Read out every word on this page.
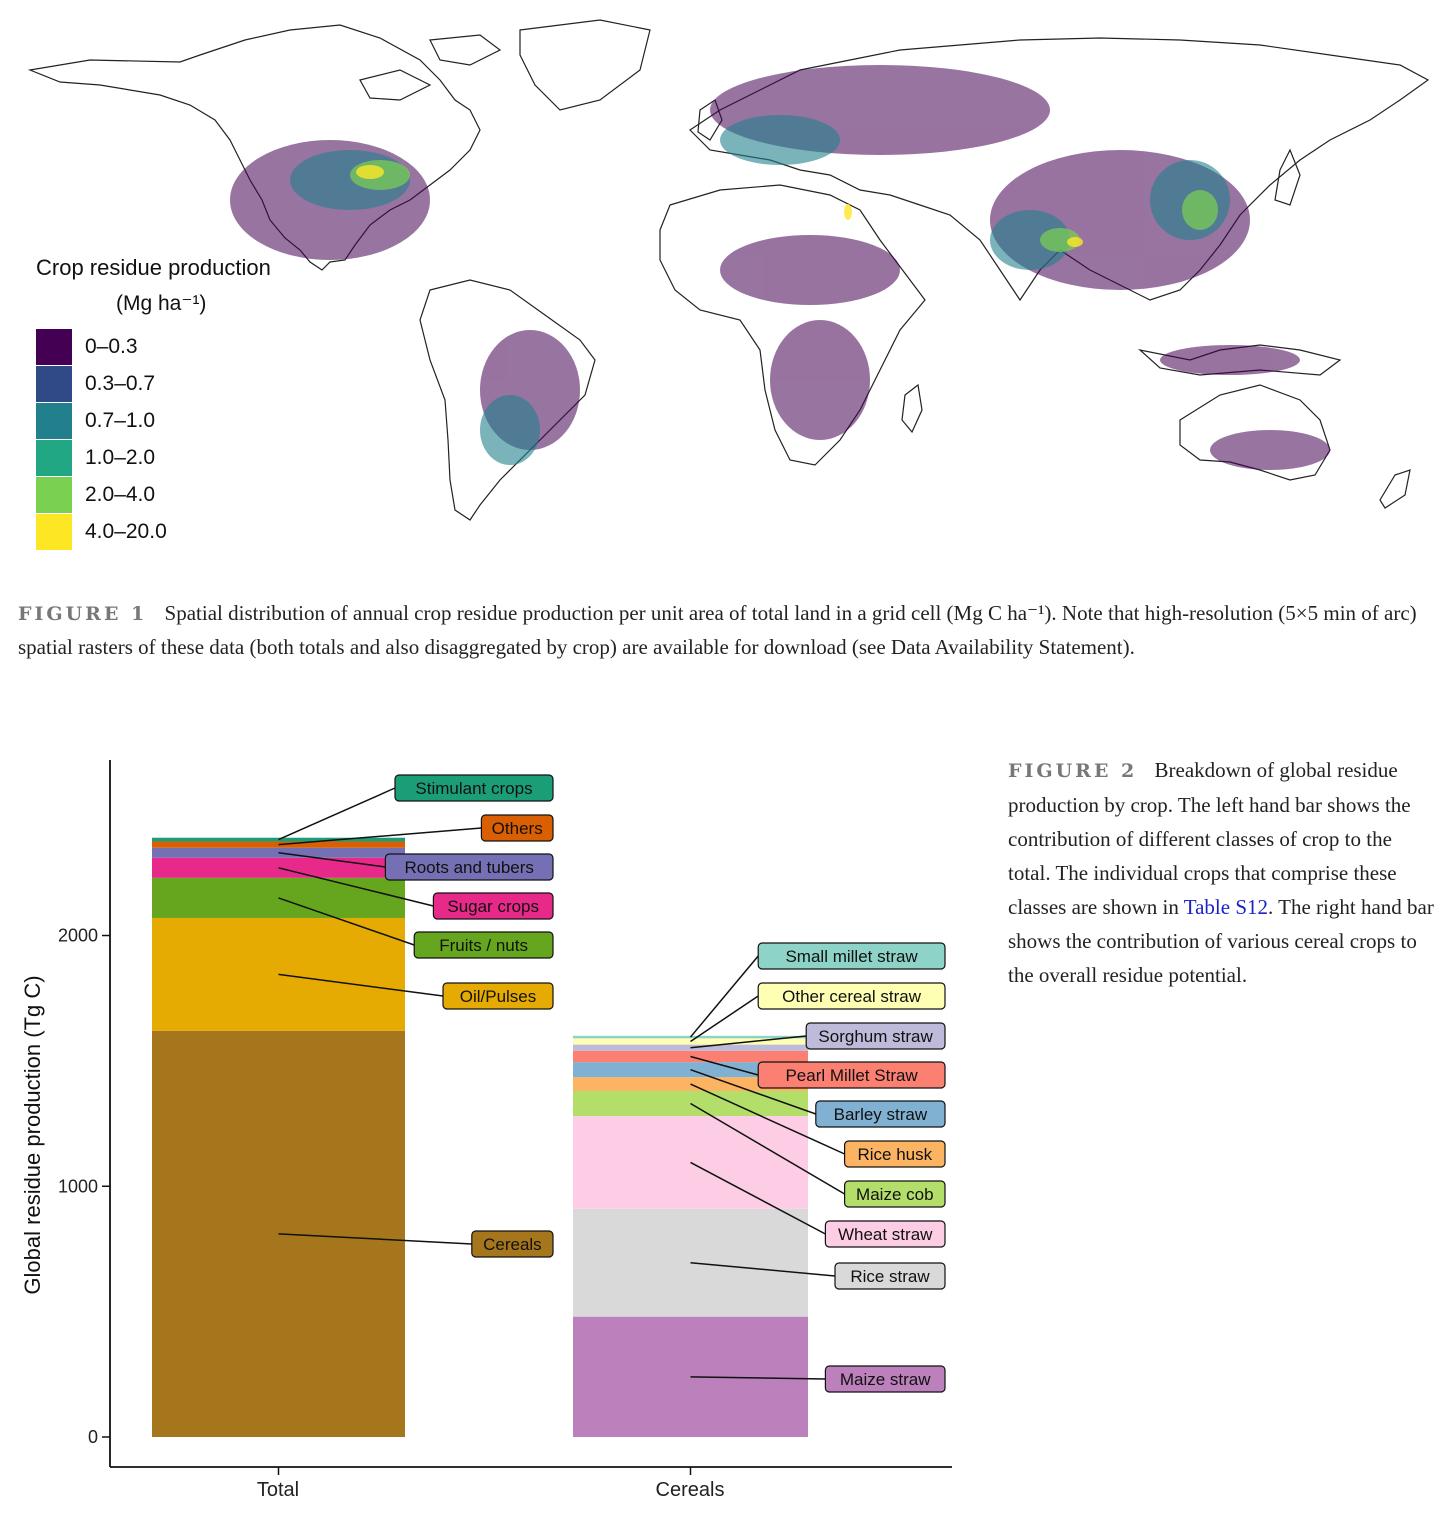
Crop residue production
(Mg ha⁻¹)
0–0.3
0.3–0.7
0.7–1.0
1.0–2.0
2.0–4.0
4.0–20.0
FIGURE 1 Spatial distribution of annual crop residue production per unit area of total land in a grid cell (Mg C ha⁻¹). Note that high-resolution (5×5 min of arc) spatial rasters of these data (both totals and also disaggregated by crop) are available for download (see Data Availability Statement).
Cereals
Oil/Pulses
Fruits / nuts
Sugar crops
Roots and tubers
Others
Stimulant crops
Maize straw
Rice straw
Wheat straw
Maize cob
Rice husk
Barley straw
Pearl Millet Straw
Sorghum straw
Other cereal straw
Small millet straw
0
1000
2000
Total	Cereals
Global residue production (Tg C)
FIGURE 2 Breakdown of global residue production by crop. The left hand bar shows the contribution of different classes of crop to the total. The individual crops that comprise these classes are shown in Table S12. The right hand bar shows the contribution of various cereal crops to the overall residue potential.
